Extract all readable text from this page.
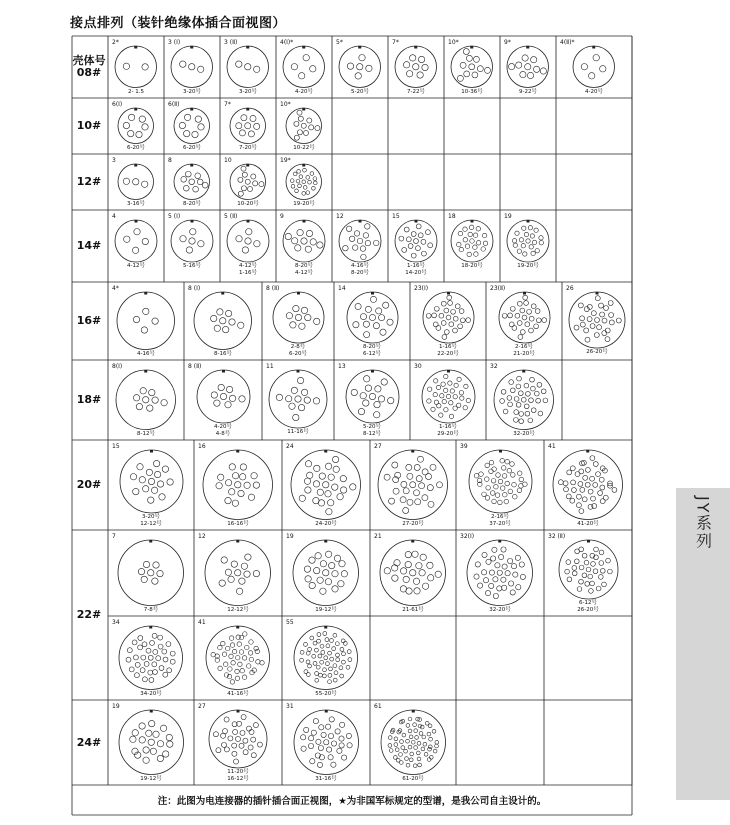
接点排列（装针绝缘体插合面视图）
JY系列
壳体号
08#
2*
2- 1.5
3 (Ⅰ)
3-20号
3 (Ⅱ)
3-20号
4(Ⅰ)*
4-20号
5*
5-20号
7*
7-22号
10*
10-36号
9*
9-22号
4(Ⅱ)*
4-20号
10#
6(Ⅰ)
6-20号
6(Ⅱ)
6-20号
7*
7-20号
10*
10-22号
12#
3
3-16号
8
8-20号
10
10-20号
19*
19-20号
14#
4
4-12号
5 (Ⅰ)
5-16号
5 (Ⅱ)
4-12号
1-16号
9
8-20号
4-12号
12
4-16号
8-20号
15
1-16号
14-20号
18
18-20号
19
19-20号
16#
4*
4-16号
8 (Ⅰ)
8-16号
8 (Ⅱ)
2-8号
6-20号
14
8-20号
6-12号
23(Ⅰ)
1-16号
22-20号
23(Ⅱ)
2-16号
21-20号
26
26-20号
18#
8(Ⅰ)
8-12号
8 (Ⅱ)
4-20号
4-8号
11
11-16号
13
5-20号
8-12号
30
1-16号
29-20号
32
32-20号
20#
15
3-20号
12-12号
16
16-16号
24
24-20号
27
27-20号
39
2-16号
37-20号
41
41-20号
22#
7
7-8号
12
12-12号
19
19-12号
21
21-61号
32(Ⅰ)
32-20号
32 (Ⅱ)
6-12号
26-20号
34
34-20号
41
41-16号
55
55-20号
24#
19
19-12号
27
11-20号
16-12号
31
31-16号
61
61-20号
注：此图为电连接器的插针插合面正视图，★为非国军标规定的型谱，是我公司自主设计的。
